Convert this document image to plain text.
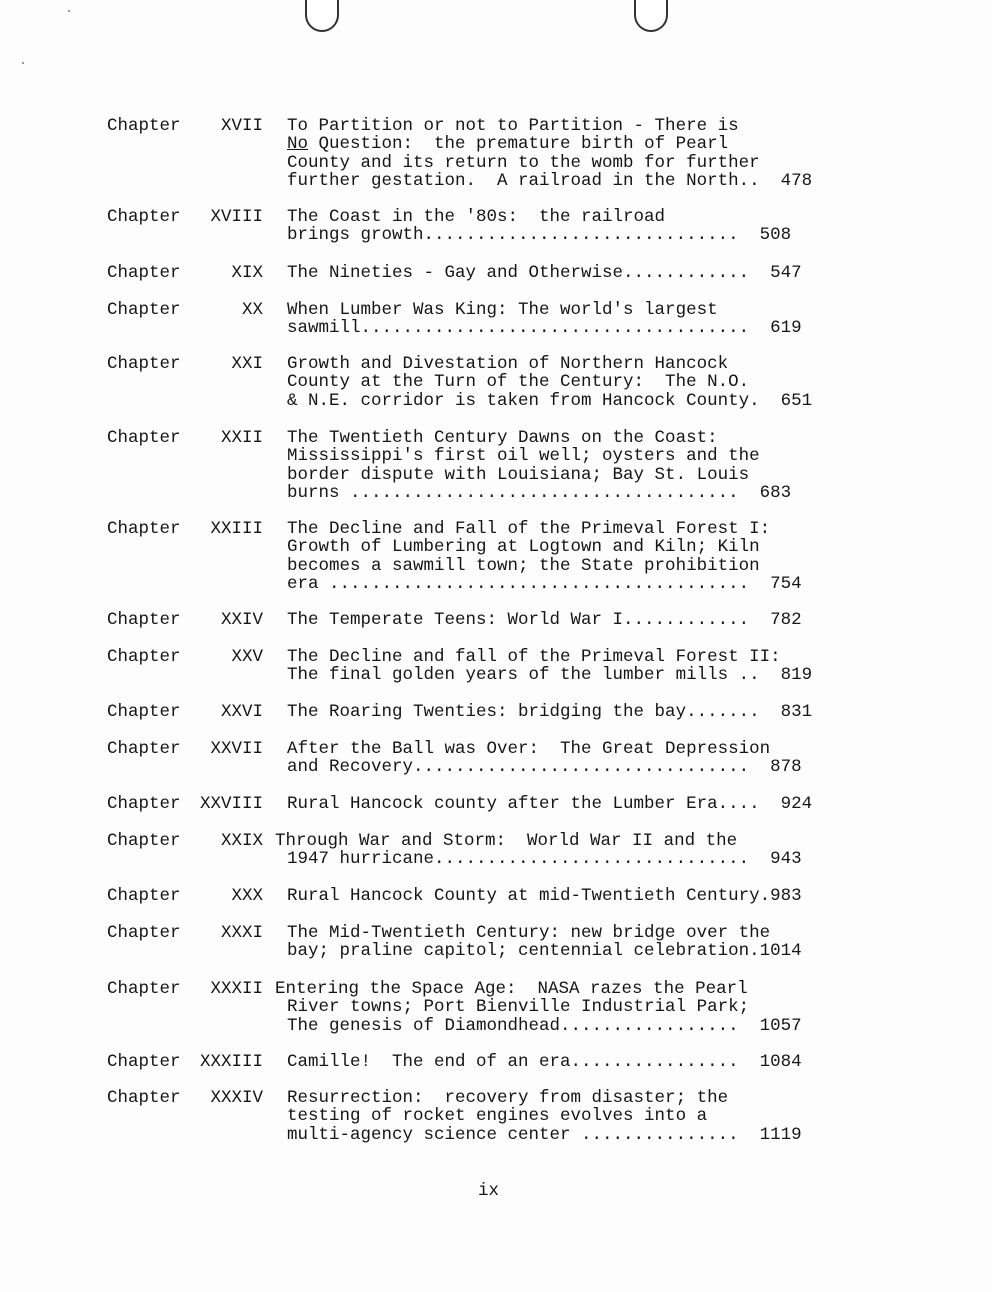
Chapter XVII To Partition or not to Partition - There is
No Question:  the premature birth of Pearl
County and its return to the womb for further
further gestation.  A railroad in the North..  478
Chapter XVIII The Coast in the '80s:  the railroad
brings growth..............................  508
Chapter	XIX The Nineties - Gay and Otherwise............  547
Chapter	XX When Lumber Was King: The world's largest
sawmill.....................................  619
Chapter	XXI Growth and Divestation of Northern Hancock
County at the Turn of the Century:  The N.O.
& N.E. corridor is taken from Hancock County.  651
Chapter XXII The Twentieth Century Dawns on the Coast:
Mississippi's first oil well; oysters and the
border dispute with Louisiana; Bay St. Louis
burns .....................................  683
Chapter XXIII The Decline and Fall of the Primeval Forest I:
Growth of Lumbering at Logtown and Kiln; Kiln
becomes a sawmill town; the State prohibition
era ........................................  754
Chapter XXIV The Temperate Teens: World War I............  782
Chapter	XXV The Decline and fall of the Primeval Forest II:
The final golden years of the lumber mills ..  819
Chapter XXVI The Roaring Twenties: bridging the bay.......  831
Chapter XXVII After the Ball was Over:  The Great Depression
and Recovery................................  878
Chapter XXVIII Rural Hancock county after the Lumber Era....  924
Chapter XXIX Through War and Storm:  World War II and the
1947 hurricane..............................  943
Chapter	XXX Rural Hancock County at mid-Twentieth Century.983
Chapter XXXI The Mid-Twentieth Century: new bridge over the
bay; praline capitol; centennial celebration.1014
Chapter XXXII Entering the Space Age:  NASA razes the Pearl
River towns; Port Bienville Industrial Park;
The genesis of Diamondhead.................  1057
Chapter XXXIII Camille!  The end of an era................  1084
Chapter XXXIV Resurrection:  recovery from disaster; the
testing of rocket engines evolves into a
multi-agency science center ...............  1119
ix
